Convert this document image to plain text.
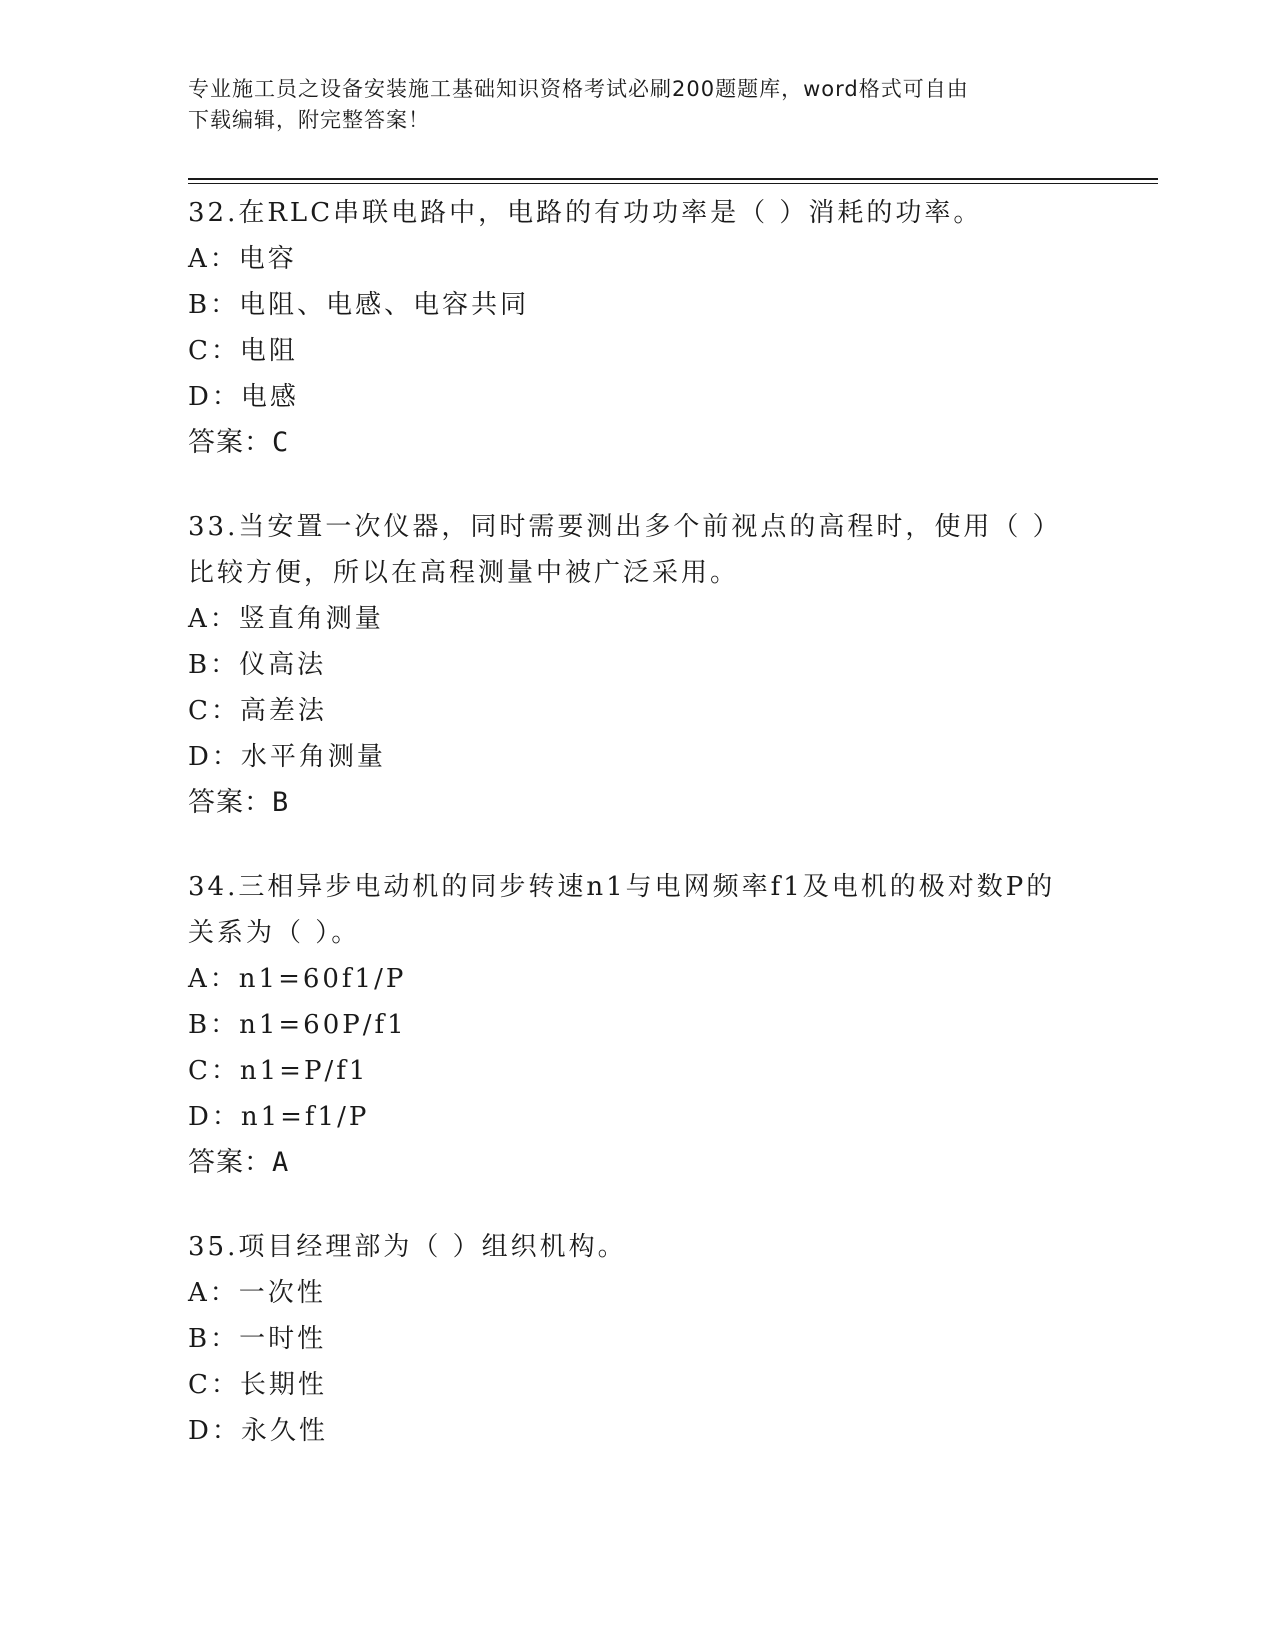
专业施工员之设备安装施工基础知识资格考试必刷200题题库，word格式可自由
下载编辑，附完整答案！
32.在RLC串联电路中，电路的有功功率是（ ）消耗的功率。
A：电容
B：电阻、电感、电容共同
C：电阻
D：电感
答案：C
33.当安置一次仪器，同时需要测出多个前视点的高程时，使用（ ）
比较方便，所以在高程测量中被广泛采用。
A：竖直角测量
B：仪高法
C：高差法
D：水平角测量
答案：B
34.三相异步电动机的同步转速n1与电网频率f1及电机的极对数P的
关系为（ ）。
A：n1=60f1/P
B：n1=60P/f1
C：n1=P/f1
D：n1=f1/P
答案：A
35.项目经理部为（ ）组织机构。
A：一次性
B：一时性
C：长期性
D：永久性
